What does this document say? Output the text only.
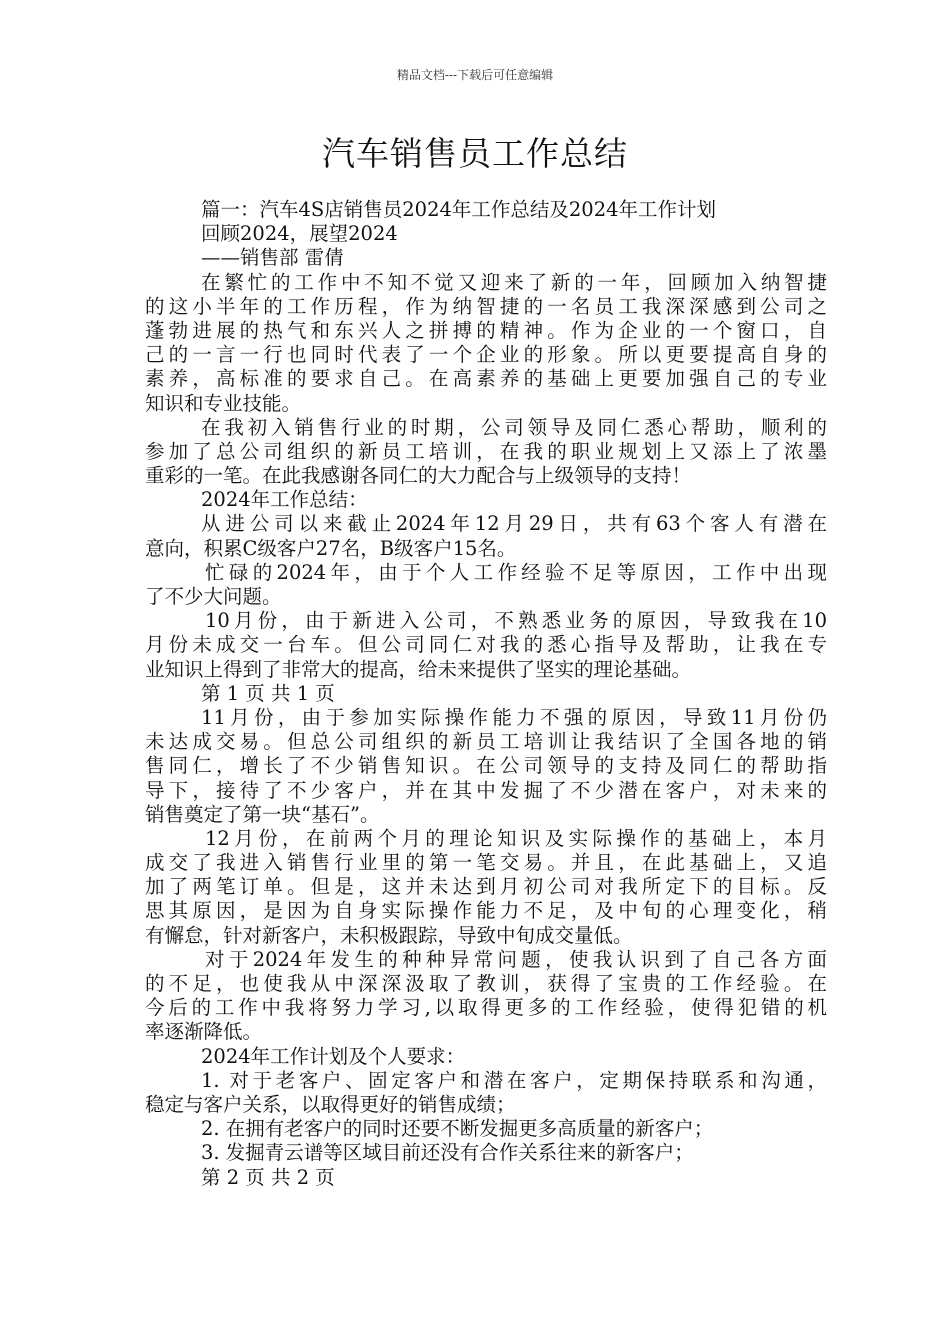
精品文档---下载后可任意编辑
汽车销售员工作总结
篇一：汽车4S店销售员2024年工作总结及2024年工作计划
回顾2024，展望2024
——销售部 雷倩
在繁忙的工作中不知不觉又迎来了新的一年，回顾加入纳智捷
的这小半年的工作历程，作为纳智捷的一名员工我深深感到公司之
蓬勃进展的热气和东兴人之拼搏的精神。作为企业的一个窗口，自
己的一言一行也同时代表了一个企业的形象。所以更要提高自身的
素养，高标准的要求自己。在高素养的基础上更要加强自己的专业
知识和专业技能。
在我初入销售行业的时期，公司领导及同仁悉心帮助，顺利的
参加了总公司组织的新员工培训，在我的职业规划上又添上了浓墨
重彩的一笔。在此我感谢各同仁的大力配合与上级领导的支持！
2024年工作总结：
从进公司以来截止2024年12月29日，共有63个客人有潜在
意向，积累C级客户27名，B级客户15名。
忙碌的2024年，由于个人工作经验不足等原因，工作中出现
了不少大问题。
10月份，由于新进入公司，不熟悉业务的原因，导致我在10
月份未成交一台车。但公司同仁对我的悉心指导及帮助，让我在专
业知识上得到了非常大的提高，给未来提供了坚实的理论基础。
第 1 页 共 1 页
11月份，由于参加实际操作能力不强的原因，导致11月份仍
未达成交易。但总公司组织的新员工培训让我结识了全国各地的销
售同仁，增长了不少销售知识。在公司领导的支持及同仁的帮助指
导下，接待了不少客户，并在其中发掘了不少潜在客户，对未来的
销售奠定了第一块“基石”。
12月份，在前两个月的理论知识及实际操作的基础上，本月
成交了我进入销售行业里的第一笔交易。并且，在此基础上，又追
加了两笔订单。但是，这并未达到月初公司对我所定下的目标。反
思其原因，是因为自身实际操作能力不足，及中旬的心理变化，稍
有懈怠，针对新客户，未积极跟踪，导致中旬成交量低。
对于2024年发生的种种异常问题，使我认识到了自己各方面
的不足，也使我从中深深汲取了教训，获得了宝贵的工作经验。在
今后的工作中我将努力学习,以取得更多的工作经验，使得犯错的机
率逐渐降低。
2024年工作计划及个人要求：
1. 对于老客户、固定客户和潜在客户，定期保持联系和沟通，
稳定与客户关系，以取得更好的销售成绩；
2. 在拥有老客户的同时还要不断发掘更多高质量的新客户；
3. 发掘青云谱等区域目前还没有合作关系往来的新客户；
第 2 页 共 2 页
